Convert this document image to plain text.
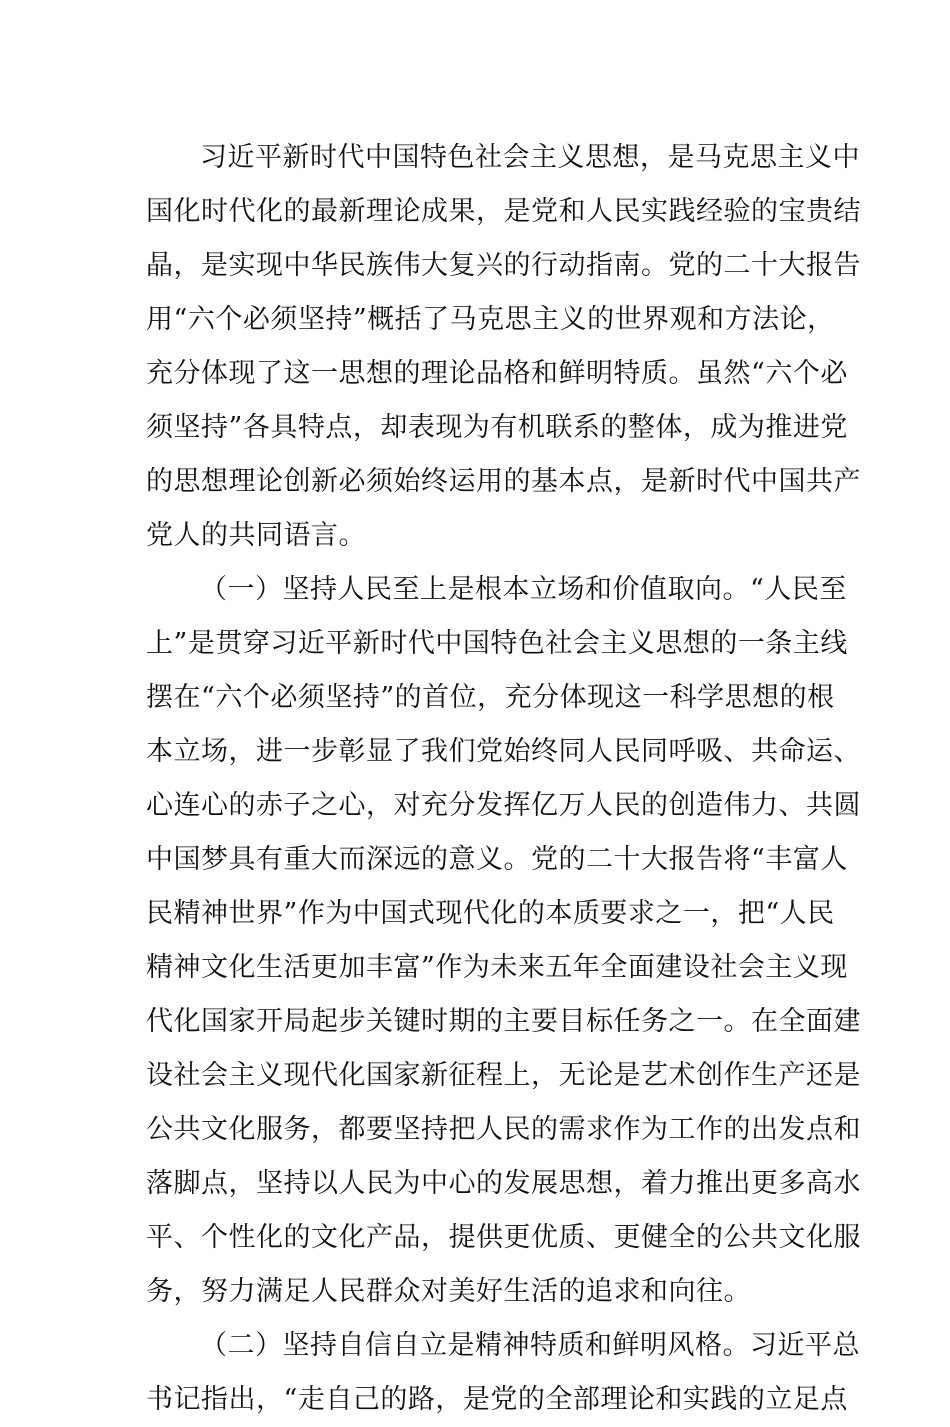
习 近 平 新 时 代 中 国 特 色 社 会 主 义 思 想 ， 是 马 克 思 主 义 中
国 化 时 代 化 的 最 新 理 论 成 果 ， 是 党 和 人 民 实 践 经 验 的 宝 贵 结
晶 ， 是 实 现 中 华 民 族 伟 大 复 兴 的 行 动 指 南 。 党 的 二 十 大 报 告
用 “ 六 个 必 须 坚 持 ” 概 括 了 马 克 思 主 义 的 世 界 观 和 方 法 论 ，
充 分 体 现 了 这 一 思 想 的 理 论 品 格 和 鲜 明 特 质 。 虽 然 “ 六 个 必
须 坚 持 ” 各 具 特 点 ， 却 表 现 为 有 机 联 系 的 整 体 ， 成 为 推 进 党
的 思 想 理 论 创 新 必 须 始 终 运 用 的 基 本 点 ， 是 新 时 代 中 国 共 产
党人的共同语言。
（ 一 ） 坚 持 人 民 至 上 是 根 本 立 场 和 价 值 取 向 。 “ 人 民 至
上 ” 是 贯 穿 习 近 平 新 时 代 中 国 特 色 社 会 主 义 思 想 的 一 条 主 线
摆 在 “ 六 个 必 须 坚 持 ” 的 首 位 ， 充 分 体 现 这 一 科 学 思 想 的 根
本 立 场 ， 进 一 步 彰 显 了 我 们 党 始 终 同 人 民 同 呼 吸 、 共 命 运 、
心 连 心 的 赤 子 之 心 ， 对 充 分 发 挥 亿 万 人 民 的 创 造 伟 力 、 共 圆
中 国 梦 具 有 重 大 而 深 远 的 意 义 。 党 的 二 十 大 报 告 将 “ 丰 富 人
民 精 神 世 界 ” 作 为 中 国 式 现 代 化 的 本 质 要 求 之 一 ， 把 “ 人 民
精 神 文 化 生 活 更 加 丰 富 ” 作 为 未 来 五 年 全 面 建 设 社 会 主 义 现
代 化 国 家 开 局 起 步 关 键 时 期 的 主 要 目 标 任 务 之 一 。 在 全 面 建
设 社 会 主 义 现 代 化 国 家 新 征 程 上 ， 无 论 是 艺 术 创 作 生 产 还 是
公 共 文 化 服 务 ， 都 要 坚 持 把 人 民 的 需 求 作 为 工 作 的 出 发 点 和
落 脚 点 ， 坚 持 以 人 民 为 中 心 的 发 展 思 想 ， 着 力 推 出 更 多 高 水
平 、 个 性 化 的 文 化 产 品 ， 提 供 更 优 质 、 更 健 全 的 公 共 文 化 服
务，努力满足人民群众对美好生活的追求和向往。
（ 二 ） 坚 持 自 信 自 立 是 精 神 特 质 和 鲜 明 风 格 。 习 近 平 总
书 记 指 出 ， “ 走 自 己 的 路 ， 是 党 的 全 部 理 论 和 实 践 的 立 足 点
